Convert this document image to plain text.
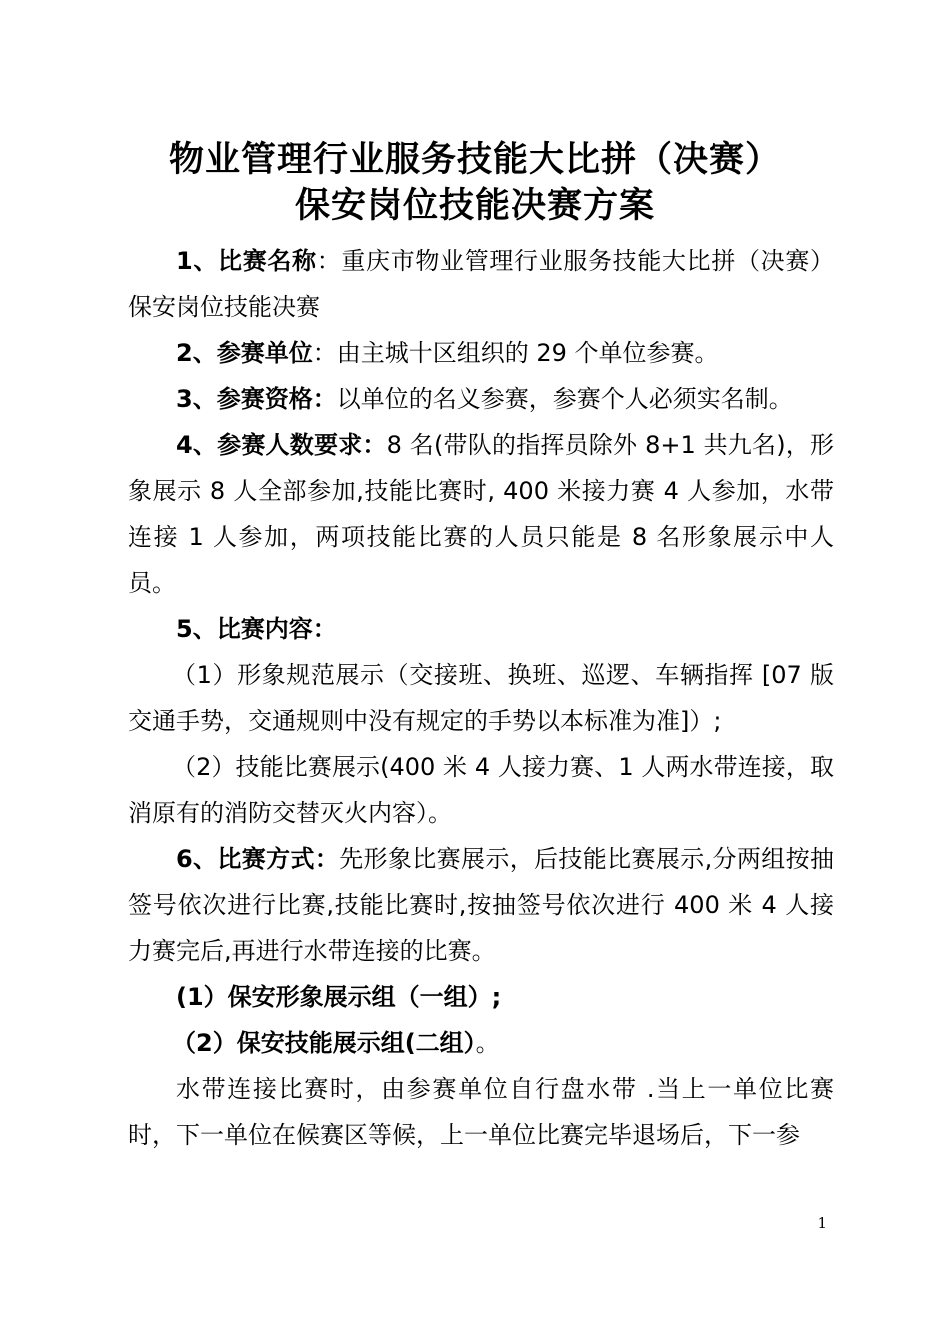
物业管理行业服务技能大比拼（决赛）
保安岗位技能决赛方案

1、比赛名称：重庆市物业管理行业服务技能大比拼（决赛）保安岗位技能决赛

2、参赛单位：由主城十区组织的 29 个单位参赛。

3、参赛资格：以单位的名义参赛，参赛个人必须实名制。

4、参赛人数要求：8 名(带队的指挥员除外 8+1 共九名)，形象展示 8 人全部参加,技能比赛时, 400 米接力赛 4 人参加，水带连接 1 人参加，两项技能比赛的人员只能是 8 名形象展示中人员。

5、比赛内容：

（1）形象规范展示（交接班、换班、巡逻、车辆指挥 [07 版交通手势，交通规则中没有规定的手势以本标准为准]）;

（2）技能比赛展示(400 米 4 人接力赛、1 人两水带连接，取消原有的消防交替灭火内容）。

6、比赛方式：先形象比赛展示，后技能比赛展示,分两组按抽签号依次进行比赛,技能比赛时,按抽签号依次进行 400 米 4 人接力赛完后,再进行水带连接的比赛。

(1）保安形象展示组（一组）;

（2）保安技能展示组(二组）。

水带连接比赛时，由参赛单位自行盘水带 .当上一单位比赛时，下一单位在候赛区等候，上一单位比赛完毕退场后，下一参

1
